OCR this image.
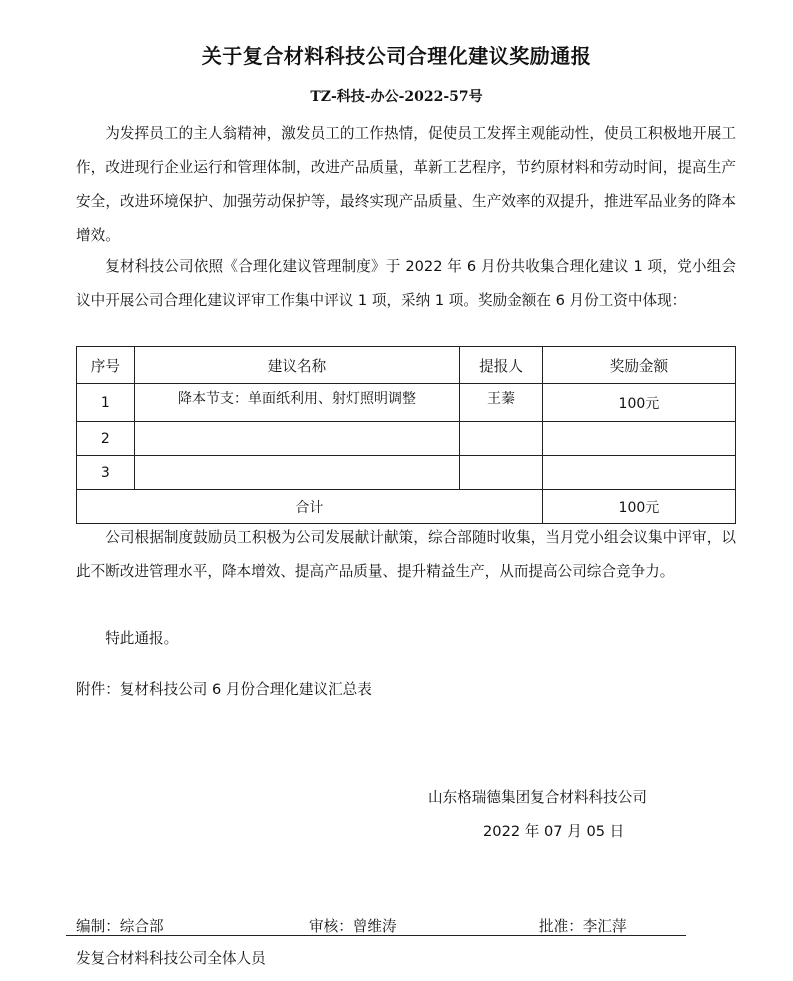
关于复合材料科技公司合理化建议奖励通报
TZ-科技-办公-2022-57号
为发挥员工的主人翁精神，激发员工的工作热情，促使员工发挥主观能动性，使员工积极地开展工作，改进现行企业运行和管理体制，改进产品质量，革新工艺程序，节约原材料和劳动时间，提高生产安全，改进环境保护、加强劳动保护等，最终实现产品质量、生产效率的双提升，推进军品业务的降本增效。
复材科技公司依照《合理化建议管理制度》于 2022 年 6 月份共收集合理化建议 1 项，党小组会议中开展公司合理化建议评审工作集中评议 1 项，采纳 1 项。奖励金额在 6 月份工资中体现：
序号	建议名称	提报人	奖励金额
1	降本节支：单面纸利用、射灯照明调整	王蓁	100元
2			
3			
合计			100元
公司根据制度鼓励员工积极为公司发展献计献策，综合部随时收集，当月党小组会议集中评审，以此不断改进管理水平，降本增效、提高产品质量、提升精益生产，从而提高公司综合竞争力。
特此通报。
附件：复材科技公司 6 月份合理化建议汇总表
山东格瑞德集团复合材料科技公司
2022 年 07 月 05 日
编制：综合部	审核：曾维涛	批准：李汇萍
发复合材料科技公司全体人员
